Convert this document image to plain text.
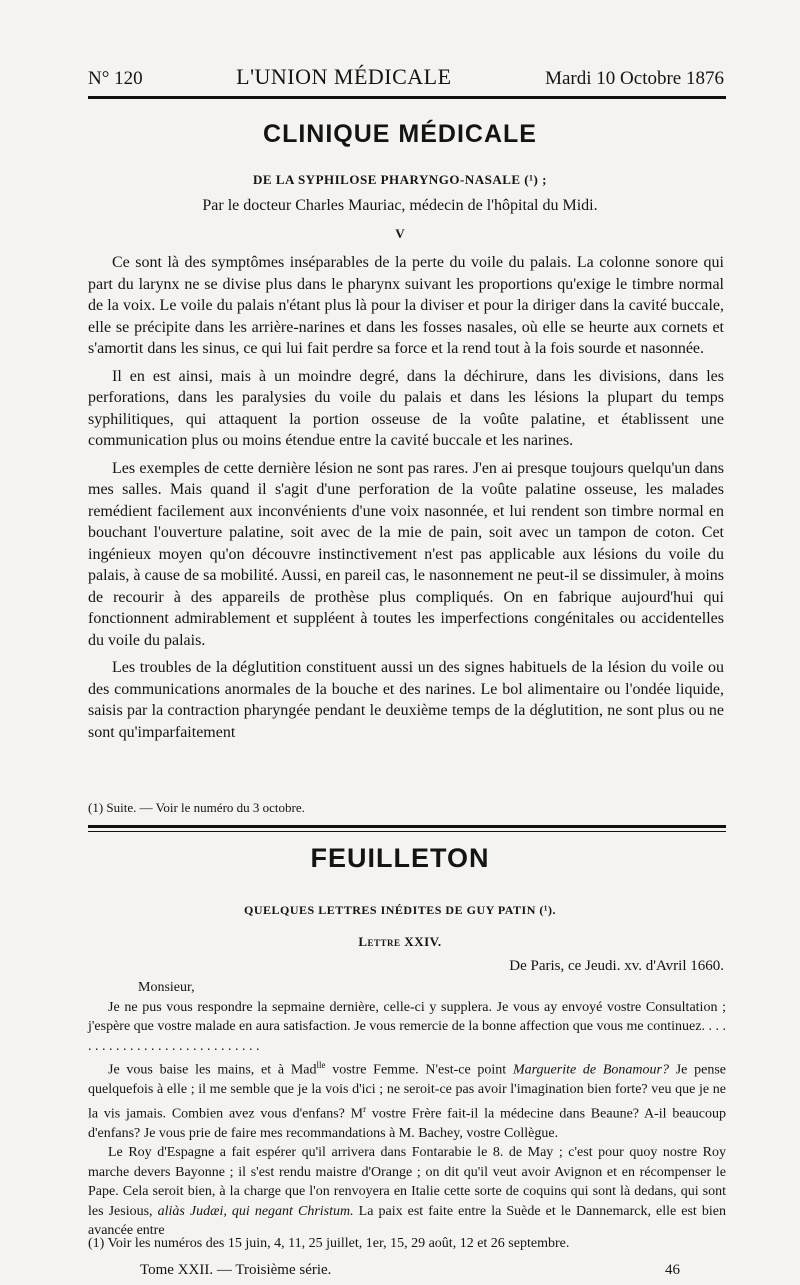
N° 120	L'UNION MÉDICALE	Mardi 10 Octobre 1876
CLINIQUE MÉDICALE
DE LA SYPHILOSE PHARYNGO-NASALE (¹) ;
Par le docteur Charles Mauriac, médecin de l'hôpital du Midi.
V

Ce sont là des symptômes inséparables de la perte du voile du palais. La colonne sonore qui part du larynx ne se divise plus dans le pharynx suivant les proportions qu'exige le timbre normal de la voix. Le voile du palais n'étant plus là pour la diviser et pour la diriger dans la cavité buccale, elle se précipite dans les arrière-narines et dans les fosses nasales, où elle se heurte aux cornets et s'amortit dans les sinus, ce qui lui fait perdre sa force et la rend tout à la fois sourde et nasonnée.

Il en est ainsi, mais à un moindre degré, dans la déchirure, dans les divisions, dans les perforations, dans les paralysies du voile du palais et dans les lésions la plupart du temps syphilitiques, qui attaquent la portion osseuse de la voûte palatine, et établissent une communication plus ou moins étendue entre la cavité buccale et les narines.

Les exemples de cette dernière lésion ne sont pas rares. J'en ai presque toujours quelqu'un dans mes salles. Mais quand il s'agit d'une perforation de la voûte palatine osseuse, les malades remédient facilement aux inconvénients d'une voix nasonnée, et lui rendent son timbre normal en bouchant l'ouverture palatine, soit avec de la mie de pain, soit avec un tampon de coton. Cet ingénieux moyen qu'on découvre instinctivement n'est pas applicable aux lésions du voile du palais, à cause de sa mobilité. Aussi, en pareil cas, le nasonnement ne peut-il se dissimuler, à moins de recourir à des appareils de prothèse plus compliqués. On en fabrique aujourd'hui qui fonctionnent admirablement et suppléent à toutes les imperfections congénitales ou accidentelles du voile du palais.

Les troubles de la déglutition constituent aussi un des signes habituels de la lésion du voile ou des communications anormales de la bouche et des narines. Le bol alimentaire ou l'ondée liquide, saisis par la contraction pharyngée pendant le deuxième temps de la déglutition, ne sont plus ou ne sont qu'imparfaitement

(1) Suite. — Voir le numéro du 3 octobre.
FEUILLETON
QUELQUES LETTRES INÉDITES DE GUY PATIN (¹).
Lettre XXIV.
De Paris, ce Jeudi. xv. d'Avril 1660.

Monsieur,

Je ne pus vous respondre la sepmaine dernière, celle-ci y supplera. Je vous ay envoyé vostre Consultation ; j'espère que vostre malade en aura satisfaction. Je vous remercie de la bonne affection que vous me continuez. . . . . . . . . . . . . . . . . . . . . . . . . . . . .

Je vous baise les mains, et à Mad$^{lle}$ vostre Femme. N'est-ce point Marguerite de Bonamour? Je pense quelquefois à elle ; il me semble que je la vois d'ici ; ne seroit-ce pas avoir l'imagination bien forte? veu que je ne la vis jamais. Combien avez vous d'enfans? $M^r$ vostre Frère fait-il la médecine dans Beaune? A-il beaucoup d'enfans? Je vous prie de faire mes recommandations à M. Bachey, vostre Collègue.

Le Roy d'Espagne a fait espérer qu'il arrivera dans Fontarabie le 8. de May ; c'est pour quoy nostre Roy marche devers Bayonne ; il s'est rendu maistre d'Orange ; on dit qu'il veut avoir Avignon et en récompenser le Pape. Cela seroit bien, à la charge que l'on renvoyera en Italie cette sorte de coquins qui sont là dedans, qui sont les Jesious, aliàs Judæi, qui negant Christum. La paix est faite entre la Suède et le Dannemarck, elle est bien avancée entre

(1) Voir les numéros des 15 juin, 4, 11, 25 juillet, 1er, 15, 29 août, 12 et 26 septembre.
Tome XXII. — Troisième série.	46
